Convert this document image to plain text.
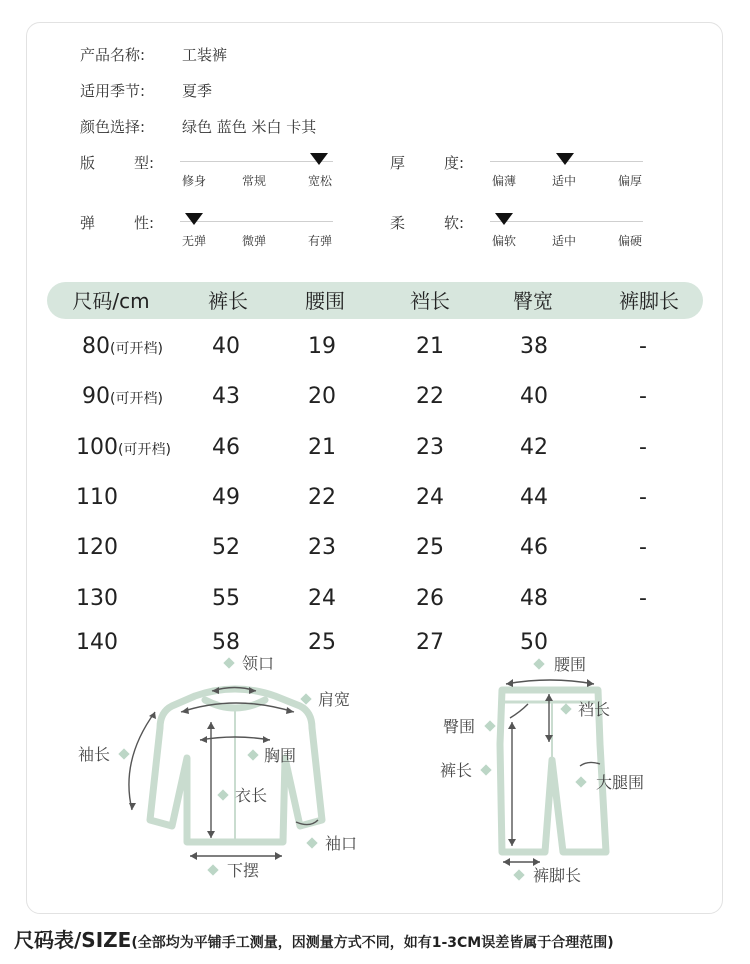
产品名称: 工装裤
适用季节: 夏季
颜色选择: 绿色 蓝色 米白 卡其
版	型:
修身	常规	宽松
厚	度:
偏薄	适中	偏厚
弹	性:
无弹	微弹	有弹
柔	软:
偏软	适中	偏硬
尺码/cm	裤长	腰围	裆长	臀宽	裤脚长
80(可开档)	40	19	21	38	-
90(可开档)	43	20	22	40	-
100(可开档)	46	21	23	42	-
110	49	22	24	44	-
120	52	23	25	46	-
130	55	24	26	48	-
140	58	25	27	50
领口
肩宽
袖长	胸围
衣长
袖口
下摆
腰围
裆长
臀围
裤长
大腿围
裤脚长
尺码表/SIZE(全部均为平铺手工测量，因测量方式不同，如有1-3CM误差皆属于合理范围)
